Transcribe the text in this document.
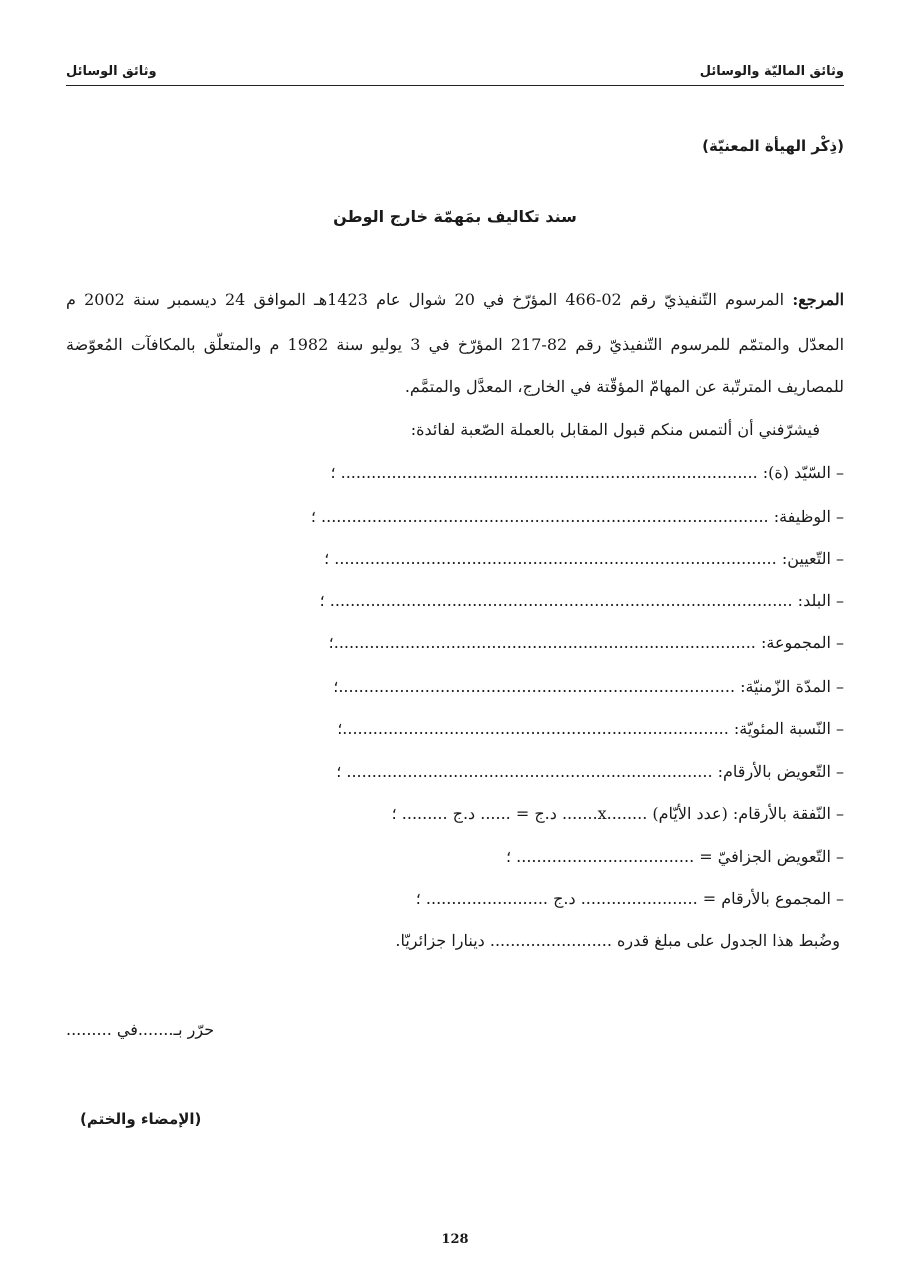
وثائق الماليّة والوسائل
وثائق الوسائل
(ذِكْر الهيأة المعنيّة)
سند تكاليف بمَهمّة خارج الوطن
المرجع: المرسوم التّنفيذيّ رقم 02-466 المؤرّخ في 20 شوال عام 1423هـ الموافق 24 ديسمبر سنة 2002 م
المعدّل والمتمّم للمرسوم التّنفيذيّ رقم 82-217 المؤرّخ في 3 يوليو سنة 1982 م والمتعلّق بالمكافآت المُعوّضة
للمصاريف المترتّبة عن المهامّ المؤقّتة في الخارج، المعدَّل والمتمَّم.
فيشرّفني أن ألتمس منكم قبول المقابل بالعملة الصّعبة لفائدة:
– السّيّد (ة): .................................................................................. ؛
– الوظيفة: ........................................................................................ ؛
– التّعيين: ....................................................................................... ؛
– البلد: ........................................................................................... ؛
– المجموعة: ...................................................................................؛
– المدّة الزّمنيّة: ..............................................................................؛
– النّسبة المئويّة: ............................................................................؛
– التّعويض بالأرقام: ........................................................................ ؛
– النّفقة بالأرقام: (عدد الأيّام) ........x....... د.ج = ...... د.ج ......... ؛
– التّعويض الجزافيّ = ................................... ؛
– المجموع بالأرقام = ....................... د.ج ........................ ؛
وضُبط هذا الجدول على مبلغ قدره ........................ دينارا جزائريّا.
حرّر بـ.......في .........
(الإمضاء والختم)
128
